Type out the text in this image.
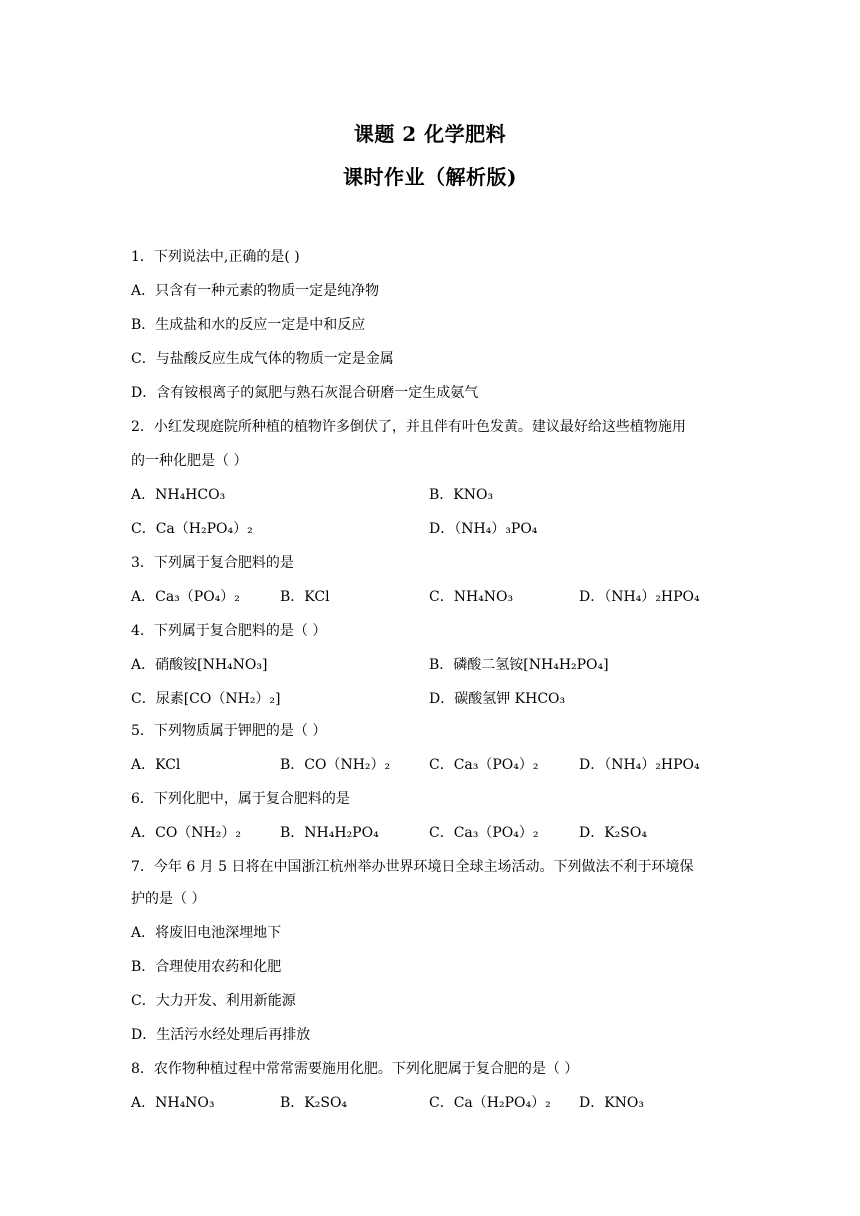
课题 2 化学肥料
课时作业（解析版)
1．下列说法中,正确的是( )
A．只含有一种元素的物质一定是纯净物
B．生成盐和水的反应一定是中和反应
C．与盐酸反应生成气体的物质一定是金属
D．含有铵根离子的氮肥与熟石灰混合研磨一定生成氨气
2．小红发现庭院所种植的植物许多倒伏了，并且伴有叶色发黄。建议最好给这些植物施用
的一种化肥是（ ）
A．NH₄HCO₃	B．KNO₃
C．Ca（H₂PO₄）₂	D．（NH₄）₃PO₄
3．下列属于复合肥料的是
A．Ca₃（PO₄）₂	B．KCl	C．NH₄NO₃	D．（NH₄）₂HPO₄
4．下列属于复合肥料的是（ ）
A．硝酸铵[NH₄NO₃]	B．磷酸二氢铵[NH₄H₂PO₄]
C．尿素[CO（NH₂）₂]	D．碳酸氢钾 KHCO₃
5．下列物质属于钾肥的是（ ）
A．KCl	B．CO（NH₂）₂	C．Ca₃（PO₄）₂	D．（NH₄）₂HPO₄
6．下列化肥中，属于复合肥料的是
A．CO（NH₂）₂	B．NH₄H₂PO₄	C．Ca₃（PO₄）₂	D．K₂SO₄
7．今年 6 月 5 日将在中国浙江杭州举办世界环境日全球主场活动。下列做法不利于环境保
护的是（ ）
A．将废旧电池深埋地下
B．合理使用农药和化肥
C．大力开发、利用新能源
D．生活污水经处理后再排放
8．农作物种植过程中常常需要施用化肥。下列化肥属于复合肥的是（ ）
A．NH₄NO₃	B．K₂SO₄	C．Ca（H₂PO₄）₂ D．KNO₃
